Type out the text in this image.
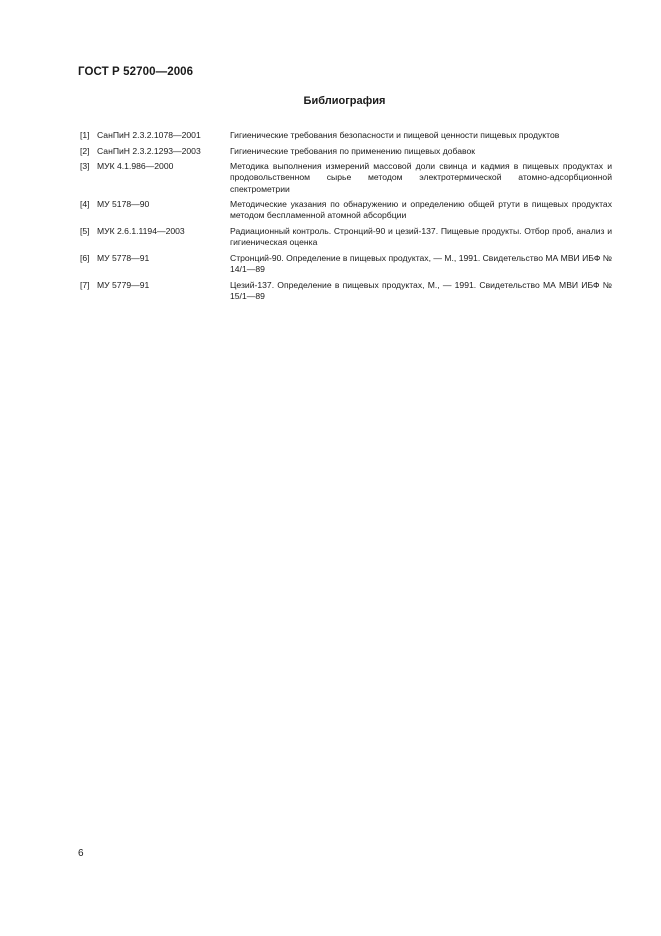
ГОСТ Р 52700—2006
Библиография
[1] СанПиН 2.3.2.1078—2001	Гигиенические требования безопасности и пищевой ценности пищевых продуктов
[2] СанПиН 2.3.2.1293—2003	Гигиенические требования по применению пищевых добавок
[3] МУК 4.1.986—2000	Методика выполнения измерений массовой доли свинца и кадмия в пищевых продуктах и продовольственном сырье методом электротермической атомно-адсорбционной спектрометрии
[4] МУ 5178—90	Методические указания по обнаружению и определению общей ртути в пищевых продуктах методом беспламенной атомной абсорбции
[5] МУК 2.6.1.1194—2003	Радиационный контроль. Стронций-90 и цезий-137. Пищевые продукты. Отбор проб, анализ и гигиеническая оценка
[6] МУ 5778—91	Стронций-90. Определение в пищевых продуктах, — М., 1991. Свидетельство МА МВИ ИБФ № 14/1—89
[7] МУ 5779—91	Цезий-137. Определение в пищевых продуктах, М., — 1991. Свидетельство МА МВИ ИБФ № 15/1—89
6
